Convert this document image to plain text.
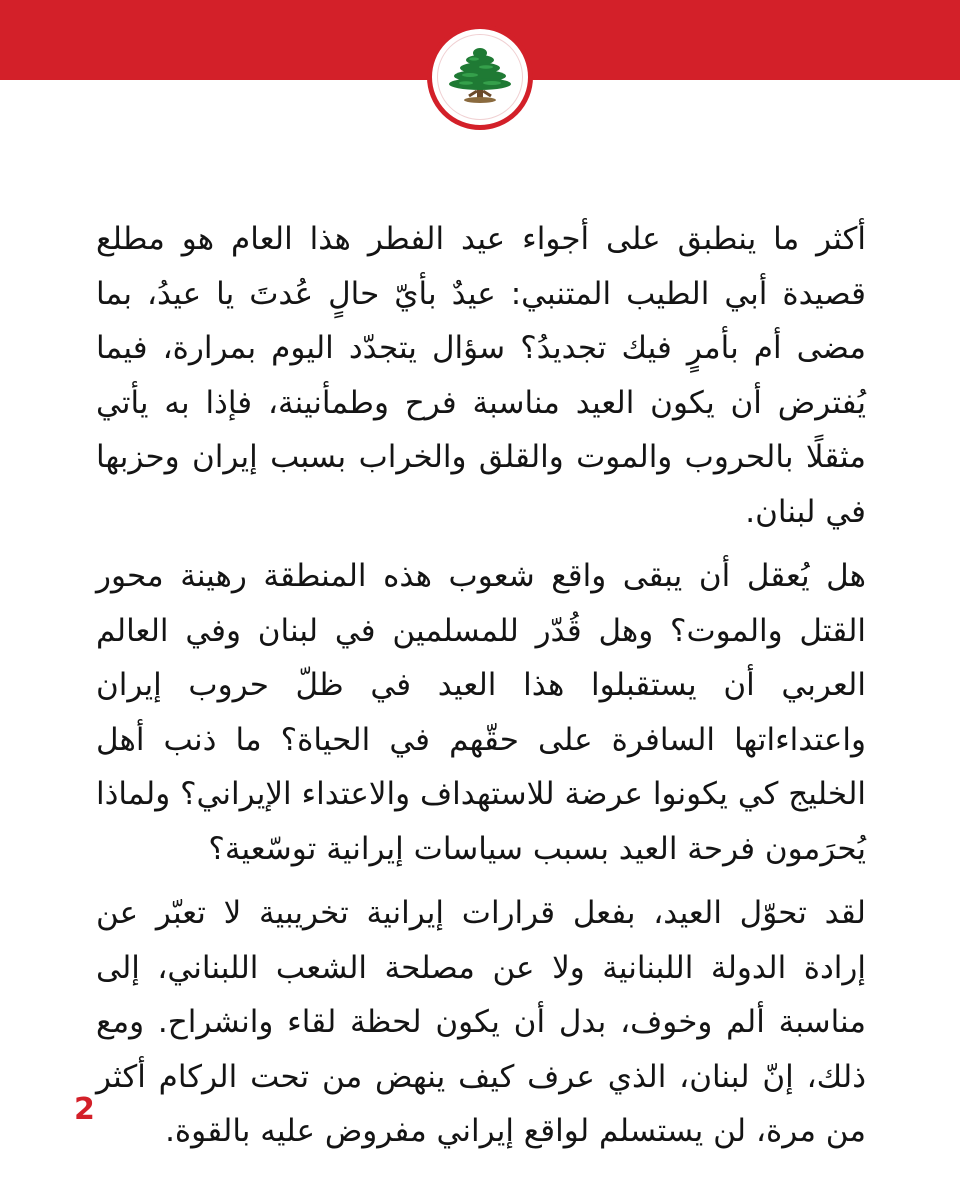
أكثر ما ينطبق على أجواء عيد الفطر هذا العام هو مطلع قصيدة أبي الطيب المتنبي: عيدٌ بأيّ حالٍ عُدتَ يا عيدُ، بما مضى أم بأمرٍ فيك تجديدُ؟ سؤال يتجدّد اليوم بمرارة، فيما يُفترض أن يكون العيد مناسبة فرح وطمأنينة، فإذا به يأتي مثقلًا بالحروب والموت والقلق والخراب بسبب إيران وحزبها في لبنان.

هل يُعقل أن يبقى واقع شعوب هذه المنطقة رهينة محور القتل والموت؟ وهل قُدّر للمسلمين في لبنان وفي العالم العربي أن يستقبلوا هذا العيد في ظلّ حروب إيران واعتداءاتها السافرة على حقّهم في الحياة؟ ما ذنب أهل الخليج كي يكونوا عرضة للاستهداف والاعتداء الإيراني؟ ولماذا يُحرَمون فرحة العيد بسبب سياسات إيرانية توسّعية؟

لقد تحوّل العيد، بفعل قرارات إيرانية تخريبية لا تعبّر عن إرادة الدولة اللبنانية ولا عن مصلحة الشعب اللبناني، إلى مناسبة ألم وخوف، بدل أن يكون لحظة لقاء وانشراح. ومع ذلك، إنّ لبنان، الذي عرف كيف ينهض من تحت الركام أكثر من مرة، لن يستسلم لواقع إيراني مفروض عليه بالقوة.

2
